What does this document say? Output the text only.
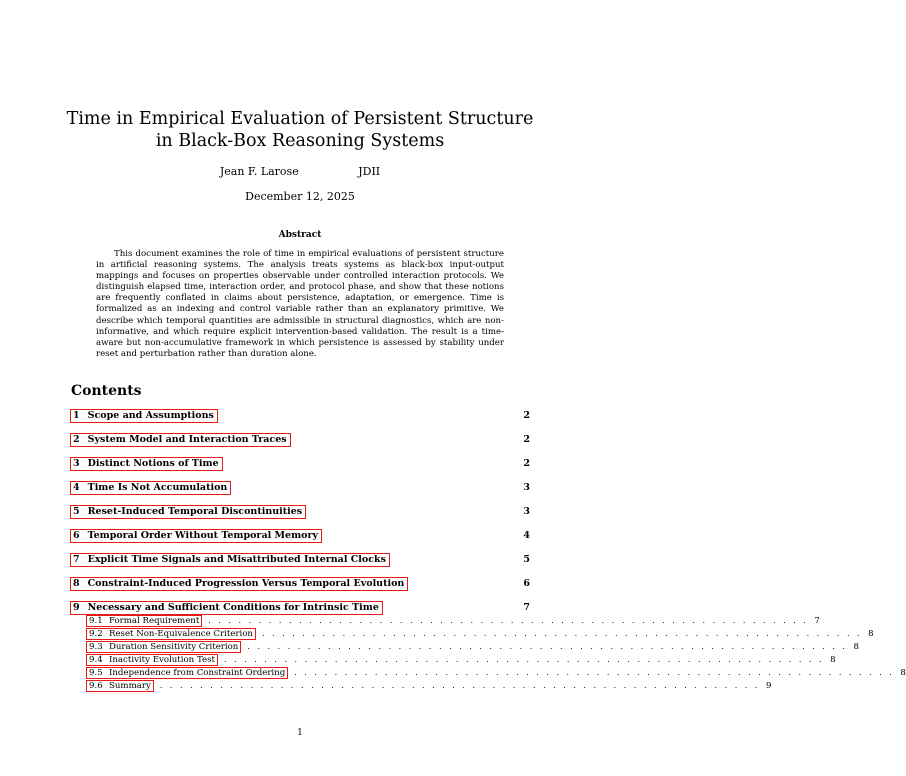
Time in Empirical Evaluation of Persistent Structure
in Black-Box Reasoning Systems
Jean F. Larose	JDII
December 12, 2025
Abstract

This document examines the role of time in empirical evaluations of persistent structure in artificial reasoning systems. The analysis treats systems as black-box input-output mappings and focuses on properties observable under controlled interaction protocols. We distinguish elapsed time, interaction order, and protocol phase, and show that these notions are frequently conflated in claims about persistence, adaptation, or emergence. Time is formalized as an indexing and control variable rather than an explanatory primitive. We describe which temporal quantities are admissible in structural diagnostics, which are non-informative, and which require explicit intervention-based validation. The result is a time-aware but non-accumulative framework in which persistence is assessed by stability under reset and perturbation rather than duration alone.

Contents
1 Scope and Assumptions	2
2 System Model and Interaction Traces	2
3 Distinct Notions of Time	2
4 Time Is Not Accumulation	3
5 Reset-Induced Temporal Discontinuities	3
6 Temporal Order Without Temporal Memory	4
7 Explicit Time Signals and Misattributed Internal Clocks	5
8 Constraint-Induced Progression Versus Temporal Evolution	6
9 Necessary and Sufficient Conditions for Intrinsic Time	7
9.1 Formal Requirement	. . . . . . . . . . . . . . . . . . . . . . . . . . . . . . . . . . . . . . . . . . . . . . . . . . . . . . . . . . . . 7
9.2 Reset Non-Equivalence Criterion	. . . . . . . . . . . . . . . . . . . . . . . . . . . . . . . . . . . . . . . . . . . . . . . . . . . . . . . . . . . . 8
9.3 Duration Sensitivity Criterion	. . . . . . . . . . . . . . . . . . . . . . . . . . . . . . . . . . . . . . . . . . . . . . . . . . . . . . . . . . . . 8
9.4 Inactivity Evolution Test	. . . . . . . . . . . . . . . . . . . . . . . . . . . . . . . . . . . . . . . . . . . . . . . . . . . . . . . . . . . . 8
9.5 Independence from Constraint Ordering	. . . . . . . . . . . . . . . . . . . . . . . . . . . . . . . . . . . . . . . . . . . . . . . . . . . . . . . . . . . . 8
9.6 Summary	. . . . . . . . . . . . . . . . . . . . . . . . . . . . . . . . . . . . . . . . . . . . . . . . . . . . . . . . . . . . 9
1
